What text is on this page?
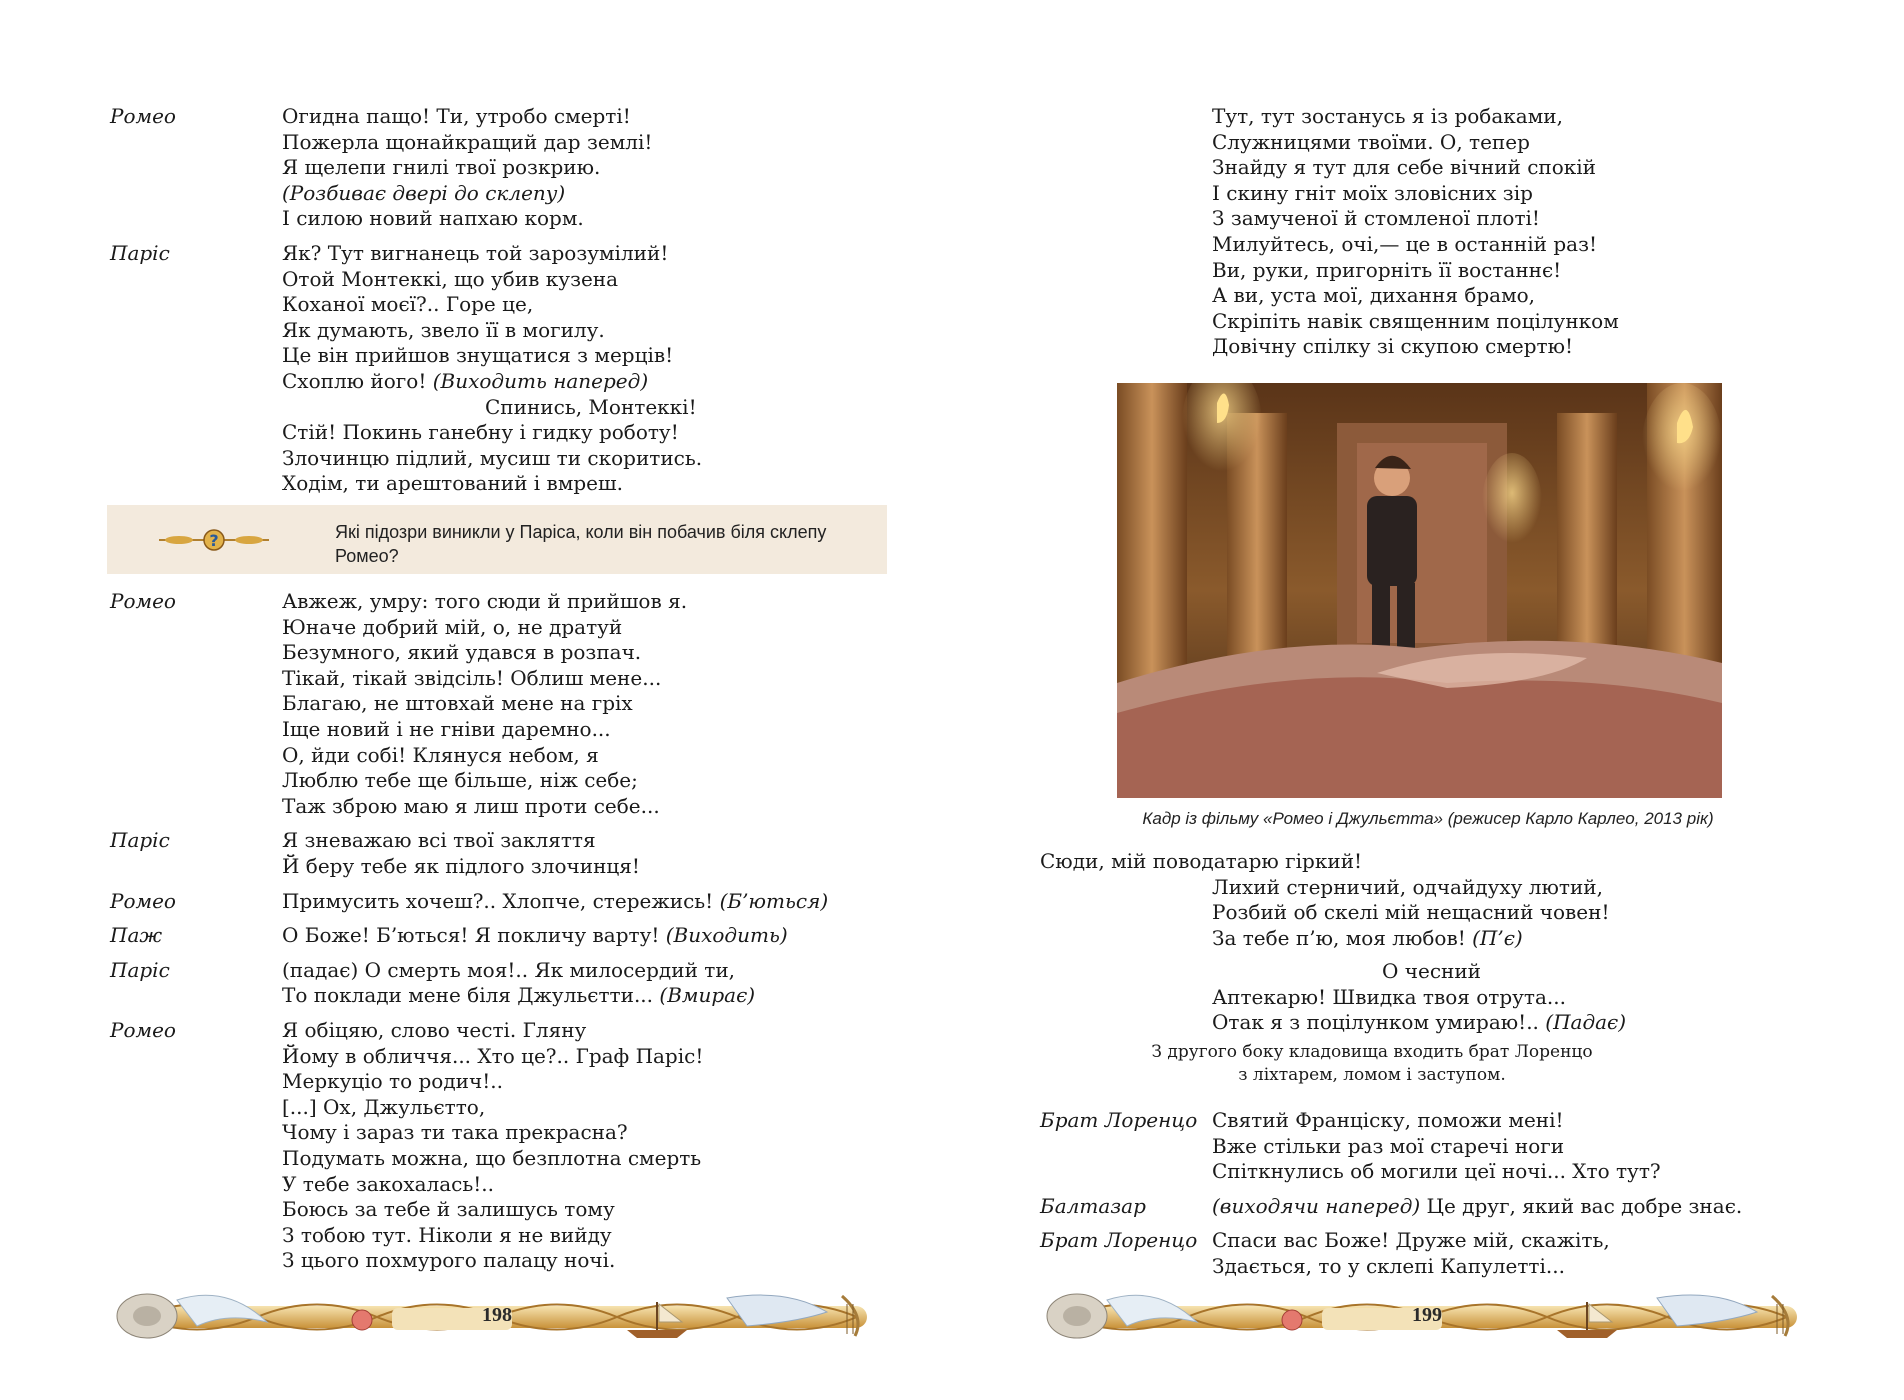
Ромео	Огидна пащо! Ти, утробо смерті!
Пожерла щонайкращий дар землі!
Я щелепи гнилі твої розкрию.
(Розбиває двері до склепу)
І силою новий напхаю корм.
Паріс	Як? Тут вигнанець той зарозумілий!
Отой Монтеккі, що убив кузена
Коханої моєї?.. Горе це,
Як думають, звело її в могилу.
Це він прийшов знущатися з мерців!
Схоплю його! (Виходить наперед)
Спинись, Монтеккі!
Стій! Покинь ганебну і гидку роботу!
Злочинцю підлий, мусиш ти скоритись.
Ходім, ти арештований і вмреш.
?	Які підозри виникли у Паріса, коли він побачив біля склепу Ромео?
Ромео	Авжеж, умру: того сюди й прийшов я.
Юначе добрий мій, о, не дратуй
Безумного, який удався в розпач.
Тікай, тікай звідсіль! Облиш мене...
Благаю, не штовхай мене на гріх
Іще новий і не гніви даремно...
О, йди собі! Клянуся небом, я
Люблю тебе ще більше, ніж себе;
Таж зброю маю я лиш проти себе...
Паріс	Я зневажаю всі твої закляття
Й беру тебе як підлого злочинця!
Ромео	Примусить хочеш?.. Хлопче, стережись! (Б’ються)
Паж	О Боже! Б’ються! Я покличу варту! (Виходить)
Паріс	(падає) О смерть моя!.. Як милосердий ти,
То поклади мене біля Джульєтти... (Вмирає)
Ромео	Я обіцяю, слово честі. Гляну
Йому в обличчя... Хто це?.. Граф Паріс!
Меркуціо то родич!..
[...] Ох, Джульєтто,
Чому і зараз ти така прекрасна?
Подумать можна, що безплотна смерть
У тебе закохалась!..
Боюсь за тебе й залишусь тому
З тобою тут. Ніколи я не вийду
З цього похмурого палацу ночі.
198
Тут, тут зостанусь я із робаками,
Служницями твоїми. О, тепер
Знайду я тут для себе вічний спокій
І скину гніт моїх зловісних зір
З замученої й стомленої плоті!
Милуйтесь, очі,— це в останній раз!
Ви, руки, пригорніть її востаннє!
А ви, уста мої, дихання брамо,
Скріпіть навік священним поцілунком
Довічну спілку зі скупою смертю!
Кадр із фільму «Ромео і Джульєтта» (режисер Карло Карлео, 2013 рік)
Сюди, мій поводатарю гіркий!
Лихий стерничий, одчайдуху лютий,
Розбий об скелі мій нещасний човен!
За тебе п’ю, моя любов! (П’є)
О чесний
Аптекарю! Швидка твоя отрута...
Отак я з поцілунком умираю!.. (Падає)
З другого боку кладовища входить брат Лоренцо
з ліхтарем, ломом і заступом.
Брат Лоренцо Святий Франціску, поможи мені!
Вже стільки раз мої старечі ноги
Спіткнулись об могили цеї ночі... Хто тут?
Балтазар	(виходячи наперед) Це друг, який вас добре знає.
Брат Лоренцо Спаси вас Боже! Друже мій, скажіть,
Здається, то у склепі Капулетті...
199
